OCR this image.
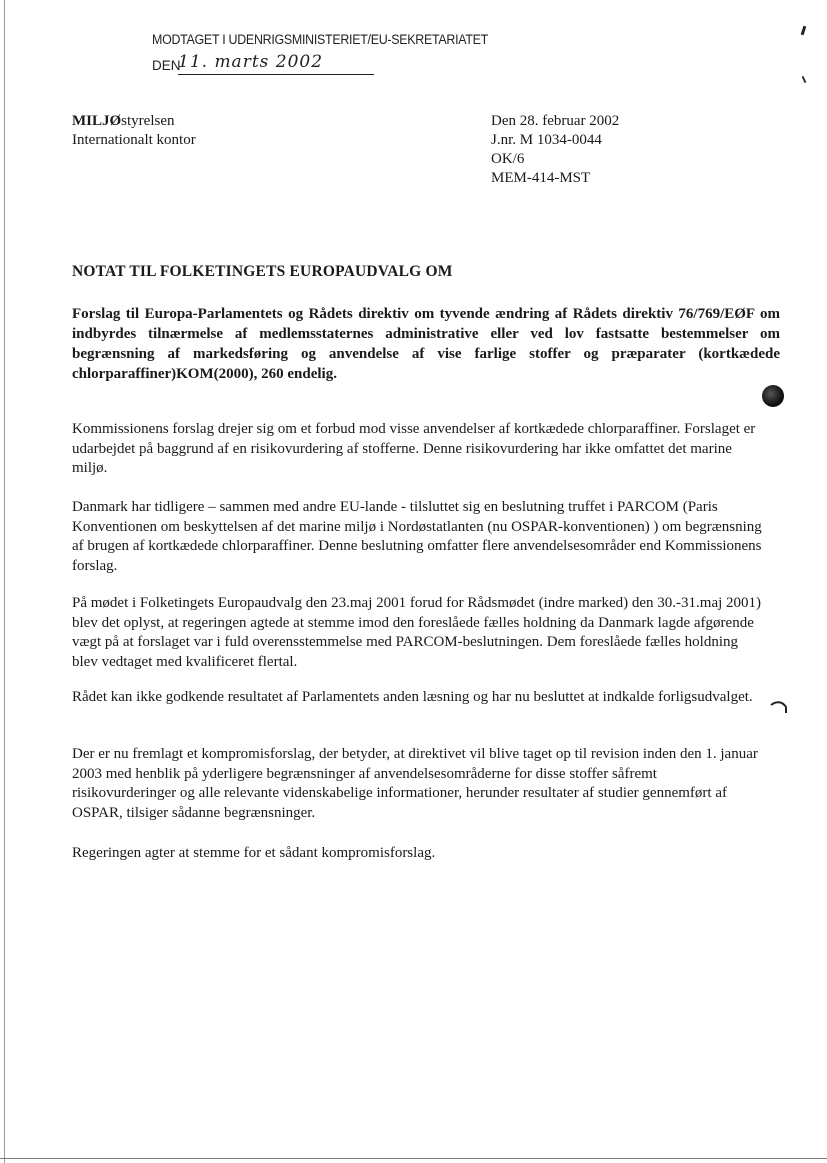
MODTAGET I UDENRIGSMINISTERIET/EU-SEKRETARIATET
DEN
11. marts 2002
MILJØstyrelsen
Internationalt kontor
Den 28. februar 2002
J.nr. M 1034-0044
OK/6
MEM-414-MST
NOTAT TIL FOLKETINGETS EUROPAUDVALG OM
Forslag til Europa-Parlamentets og Rådets direktiv om tyvende ændring af Rådets direktiv 76/769/EØF om indbyrdes tilnærmelse af medlemsstaternes administrative eller ved lov fastsatte bestemmelser om begrænsning af markedsføring og anvendelse af vise farlige stoffer og præparater (kortkædede chlorparaffiner)KOM(2000), 260 endelig.
Kommissionens forslag drejer sig om et forbud mod visse anvendelser af kortkædede chlorparaffiner. Forslaget er udarbejdet på baggrund af en risikovurdering af stofferne. Denne risikovurdering har ikke omfattet det marine miljø.
Danmark har tidligere – sammen med andre EU-lande - tilsluttet sig en beslutning truffet i PARCOM (Paris Konventionen om beskyttelsen af det marine miljø i Nordøstatlanten (nu OSPAR-konventionen) ) om begrænsning af brugen af kortkædede chlorparaffiner. Denne beslutning omfatter flere anvendelsesområder end Kommissionens forslag.
På mødet i Folketingets Europaudvalg den 23.maj 2001 forud for Rådsmødet (indre marked) den 30.-31.maj 2001) blev det oplyst, at regeringen agtede at stemme imod den foreslåede fælles holdning da Danmark lagde afgørende vægt på at forslaget var i fuld overensstemmelse med PARCOM-beslutningen. Dem foreslåede fælles holdning blev vedtaget med kvalificeret flertal.
Rådet kan ikke godkende resultatet af Parlamentets anden læsning og har nu besluttet at indkalde forligsudvalget.
Der er nu fremlagt et kompromisforslag, der betyder, at direktivet vil blive taget op til revision inden den 1. januar 2003 med henblik på yderligere begrænsninger af anvendelsesområderne for disse stoffer såfremt risikovurderinger og alle relevante videnskabelige informationer, herunder resultater af studier gennemført af OSPAR, tilsiger sådanne begrænsninger.
Regeringen agter at stemme for et sådant kompromisforslag.
